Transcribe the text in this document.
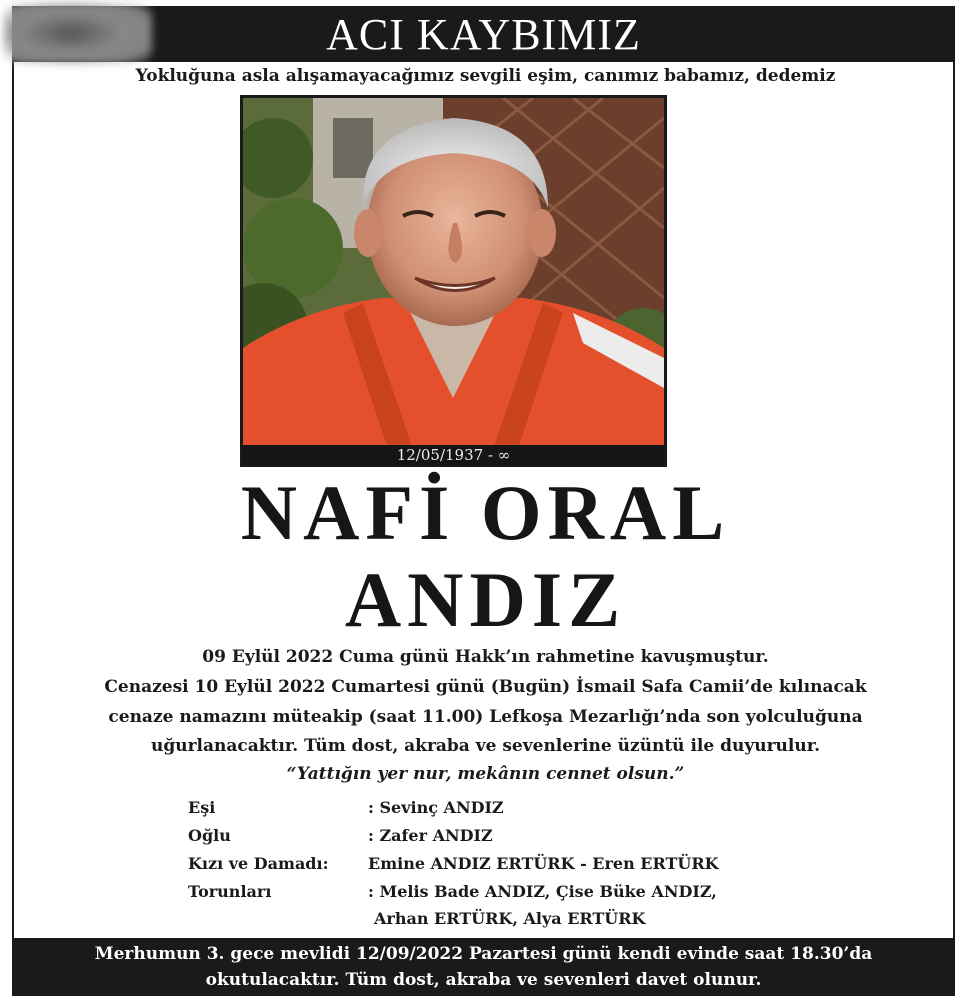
ACI KAYBIMIZ
Yokluğuna asla alışamayacağımız sevgili eşim, canımız babamız, dedemiz
12/05/1937 - ∞
NAFİ ORAL
ANDIZ
09 Eylül 2022 Cuma günü Hakk’ın rahmetine kavuşmuştur.
Cenazesi 10 Eylül 2022 Cumartesi günü (Bugün) İsmail Safa Camii’de kılınacak
cenaze namazını müteakip (saat 11.00) Lefkoşa Mezarlığı’nda son yolculuğuna
uğurlanacaktır. Tüm dost, akraba ve sevenlerine üzüntü ile duyurulur.
“Yattığın yer nur, mekânın cennet olsun.”
Eşi	: Sevinç ANDIZ
Oğlu	: Zafer ANDIZ
Kızı ve Damadı: Emine ANDIZ ERTÜRK - Eren ERTÜRK
Torunları	: Melis Bade ANDIZ, Çise Büke ANDIZ,
Arhan ERTÜRK, Alya ERTÜRK
Merhumun 3. gece mevlidi 12/09/2022 Pazartesi günü kendi evinde saat 18.30’da
okutulacaktır. Tüm dost, akraba ve sevenleri davet olunur.
